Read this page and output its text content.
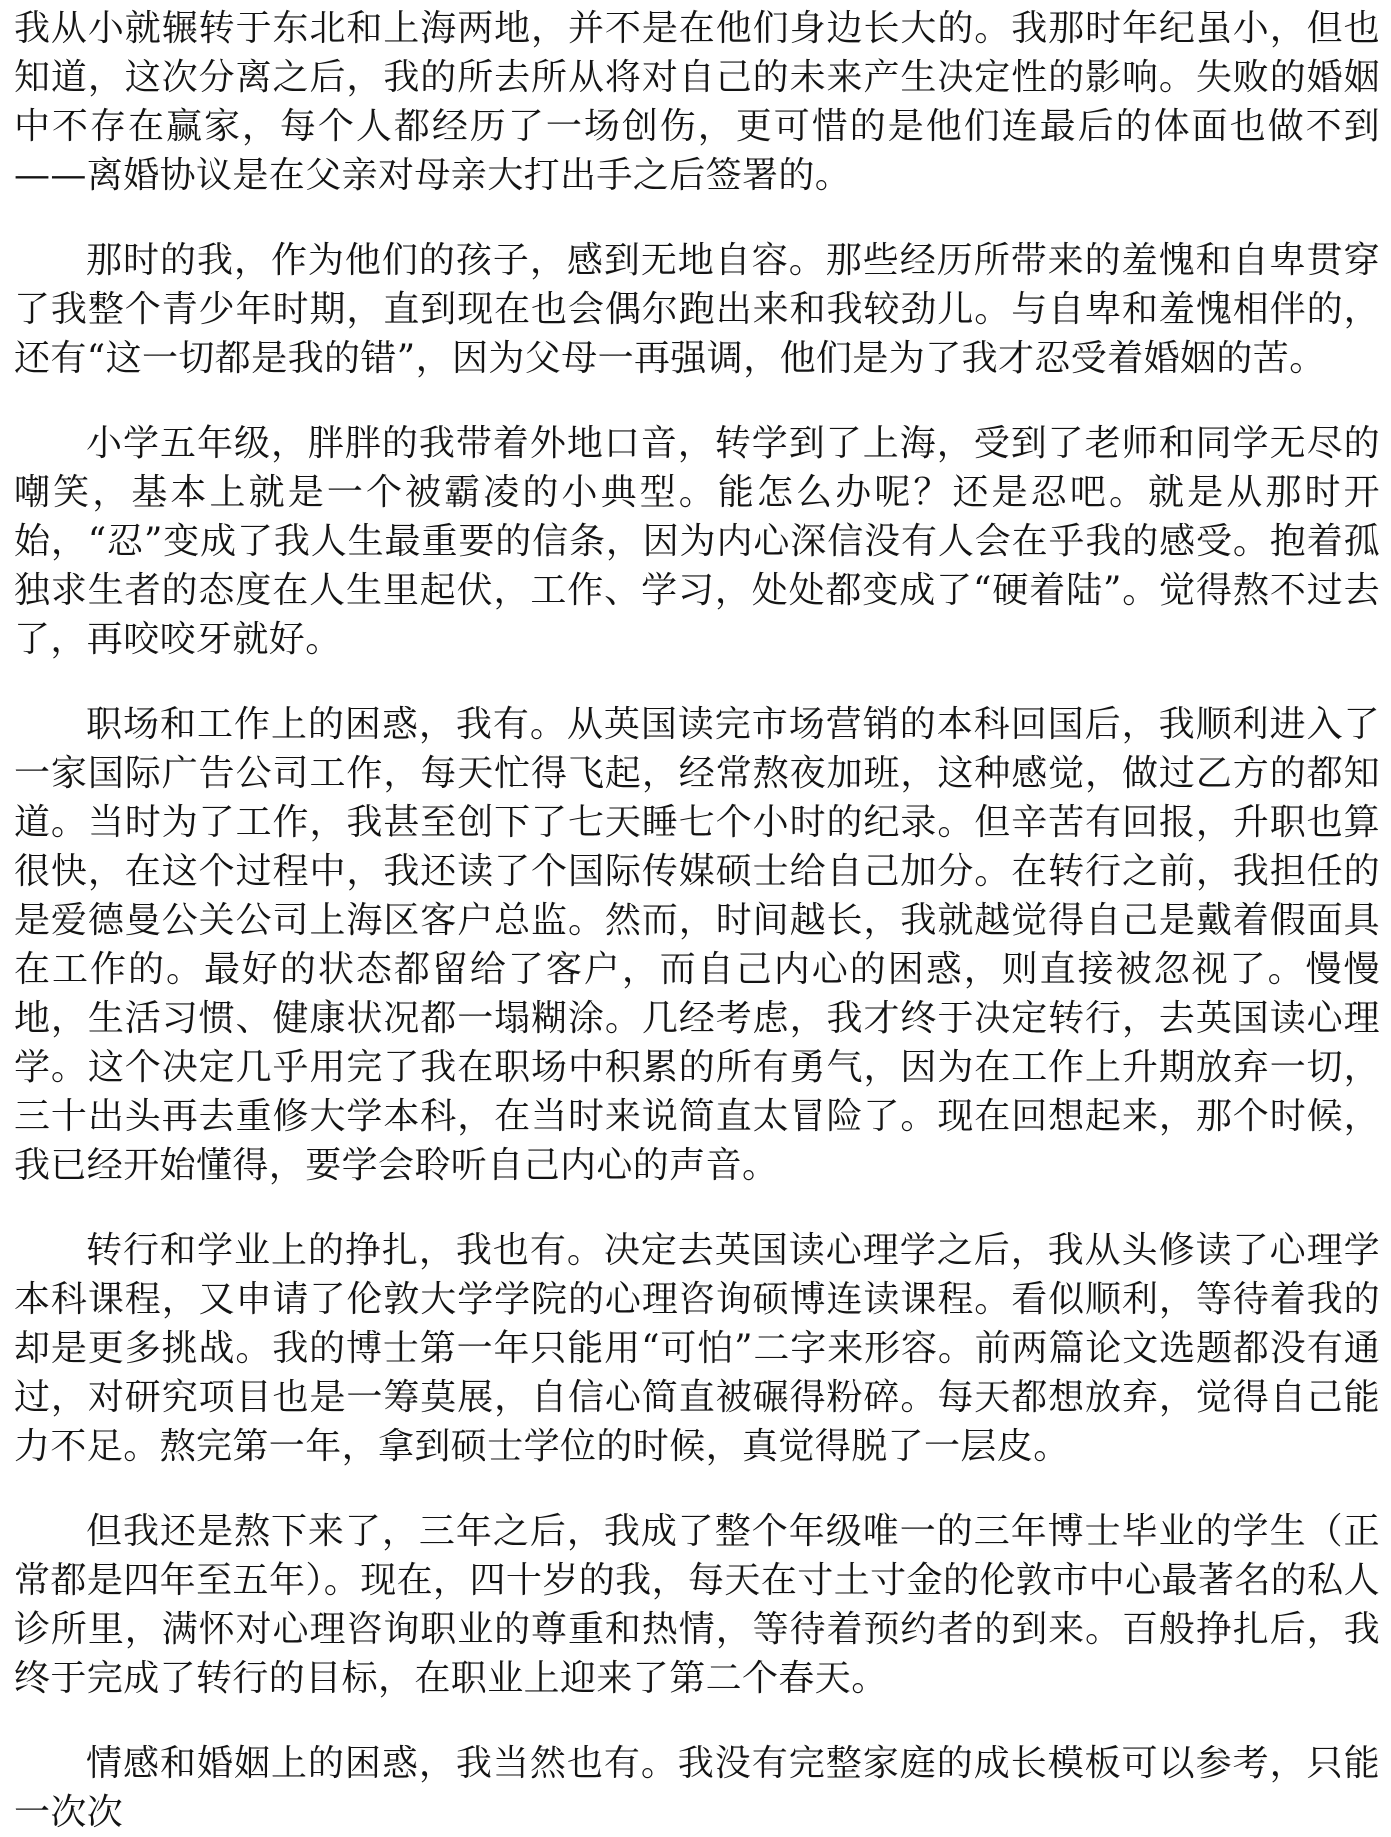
我从小就辗转于东北和上海两地，并不是在他们身边长大的。我那时年纪虽小，但也知道，这次分离之后，我的所去所从将对自己的未来产生决定性的影响。失败的婚姻中不存在赢家，每个人都经历了一场创伤，更可惜的是他们连最后的体面也做不到——离婚协议是在父亲对母亲大打出手之后签署的。

那时的我，作为他们的孩子，感到无地自容。那些经历所带来的羞愧和自卑贯穿了我整个青少年时期，直到现在也会偶尔跑出来和我较劲儿。与自卑和羞愧相伴的，还有“这一切都是我的错”，因为父母一再强调，他们是为了我才忍受着婚姻的苦。

小学五年级，胖胖的我带着外地口音，转学到了上海，受到了老师和同学无尽的嘲笑，基本上就是一个被霸凌的小典型。能怎么办呢？还是忍吧。就是从那时开始，“忍”变成了我人生最重要的信条，因为内心深信没有人会在乎我的感受。抱着孤独求生者的态度在人生里起伏，工作、学习，处处都变成了“硬着陆”。觉得熬不过去了，再咬咬牙就好。

职场和工作上的困惑，我有。从英国读完市场营销的本科回国后，我顺利进入了一家国际广告公司工作，每天忙得飞起，经常熬夜加班，这种感觉，做过乙方的都知道。当时为了工作，我甚至创下了七天睡七个小时的纪录。但辛苦有回报，升职也算很快，在这个过程中，我还读了个国际传媒硕士给自己加分。在转行之前，我担任的是爱德曼公关公司上海区客户总监。然而，时间越长，我就越觉得自己是戴着假面具在工作的。最好的状态都留给了客户，而自己内心的困惑，则直接被忽视了。慢慢地，生活习惯、健康状况都一塌糊涂。几经考虑，我才终于决定转行，去英国读心理学。这个决定几乎用完了我在职场中积累的所有勇气，因为在工作上升期放弃一切，三十出头再去重修大学本科，在当时来说简直太冒险了。现在回想起来，那个时候，我已经开始懂得，要学会聆听自己内心的声音。

转行和学业上的挣扎，我也有。决定去英国读心理学之后，我从头修读了心理学本科课程，又申请了伦敦大学学院的心理咨询硕博连读课程。看似顺利，等待着我的却是更多挑战。我的博士第一年只能用“可怕”二字来形容。前两篇论文选题都没有通过，对研究项目也是一筹莫展，自信心简直被碾得粉碎。每天都想放弃，觉得自己能力不足。熬完第一年，拿到硕士学位的时候，真觉得脱了一层皮。

但我还是熬下来了，三年之后，我成了整个年级唯一的三年博士毕业的学生（正常都是四年至五年）。现在，四十岁的我，每天在寸土寸金的伦敦市中心最著名的私人诊所里，满怀对心理咨询职业的尊重和热情，等待着预约者的到来。百般挣扎后，我终于完成了转行的目标，在职业上迎来了第二个春天。

情感和婚姻上的困惑，我当然也有。我没有完整家庭的成长模板可以参考，只能一次次
